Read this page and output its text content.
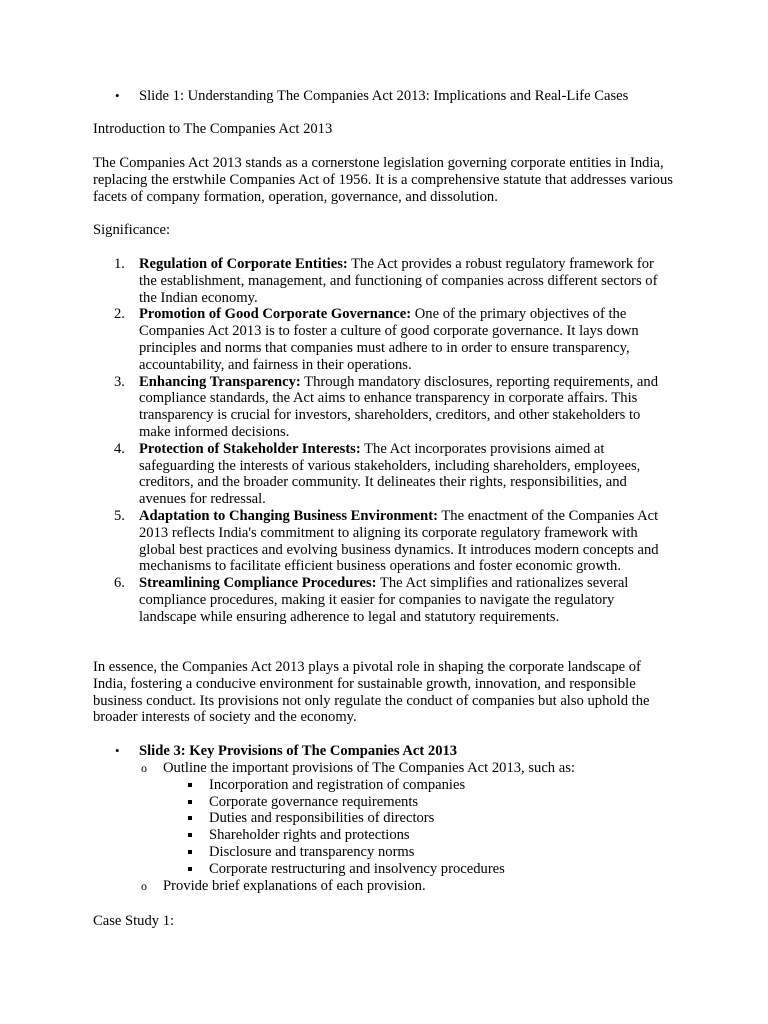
• Slide 1: Understanding The Companies Act 2013: Implications and Real-Life Cases

Introduction to The Companies Act 2013

The Companies Act 2013 stands as a cornerstone legislation governing corporate entities in India, replacing the erstwhile Companies Act of 1956. It is a comprehensive statute that addresses various facets of company formation, operation, governance, and dissolution.

Significance:

1. Regulation of Corporate Entities: The Act provides a robust regulatory framework for the establishment, management, and functioning of companies across different sectors of the Indian economy.
2. Promotion of Good Corporate Governance: One of the primary objectives of the Companies Act 2013 is to foster a culture of good corporate governance. It lays down principles and norms that companies must adhere to in order to ensure transparency, accountability, and fairness in their operations.
3. Enhancing Transparency: Through mandatory disclosures, reporting requirements, and compliance standards, the Act aims to enhance transparency in corporate affairs. This transparency is crucial for investors, shareholders, creditors, and other stakeholders to make informed decisions.
4. Protection of Stakeholder Interests: The Act incorporates provisions aimed at safeguarding the interests of various stakeholders, including shareholders, employees, creditors, and the broader community. It delineates their rights, responsibilities, and avenues for redressal.
5. Adaptation to Changing Business Environment: The enactment of the Companies Act 2013 reflects India's commitment to aligning its corporate regulatory framework with global best practices and evolving business dynamics. It introduces modern concepts and mechanisms to facilitate efficient business operations and foster economic growth.
6. Streamlining Compliance Procedures: The Act simplifies and rationalizes several compliance procedures, making it easier for companies to navigate the regulatory landscape while ensuring adherence to legal and statutory requirements.

In essence, the Companies Act 2013 plays a pivotal role in shaping the corporate landscape of India, fostering a conducive environment for sustainable growth, innovation, and responsible business conduct. Its provisions not only regulate the conduct of companies but also uphold the broader interests of society and the economy.

• Slide 3: Key Provisions of The Companies Act 2013
o Outline the important provisions of The Companies Act 2013, such as:
Incorporation and registration of companies
Corporate governance requirements
Duties and responsibilities of directors
Shareholder rights and protections
Disclosure and transparency norms
Corporate restructuring and insolvency procedures
o Provide brief explanations of each provision.

Case Study 1:
